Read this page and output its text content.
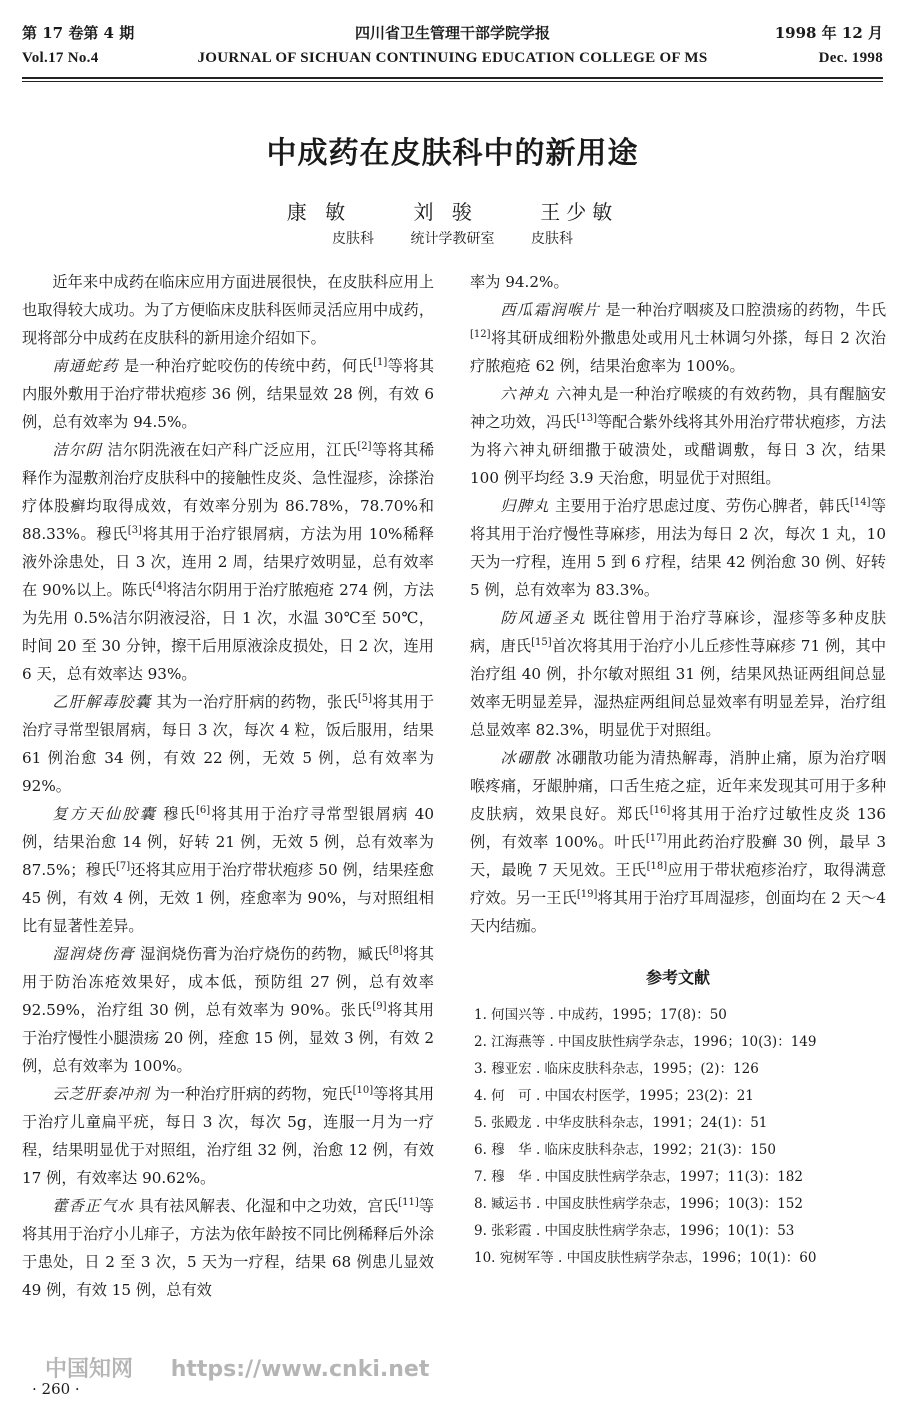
第 17 卷第 4 期	四川省卫生管理干部学院学报	1998 年 12 月
Vol.17 No.4	JOURNAL OF SICHUAN CONTINUING EDUCATION COLLEGE OF MS	Dec. 1998
中成药在皮肤科中的新用途
康 敏	刘 骏	王少敏
皮肤科	统计学教研室	皮肤科

近年来中成药在临床应用方面进展很快，在皮肤科应用上也取得较大成功。为了方便临床皮肤科医师灵活应用中成药，现将部分中成药在皮肤科的新用途介绍如下。

南通蛇药 是一种治疗蛇咬伤的传统中药，何氏[1]等将其内服外敷用于治疗带状疱疹 36 例，结果显效 28 例，有效 6 例，总有效率为 94.5%。

洁尔阴 洁尔阴洗液在妇产科广泛应用，江氏[2]等将其稀释作为湿敷剂治疗皮肤科中的接触性皮炎、急性湿疹，涂搽治疗体股癣均取得成效，有效率分别为 86.78%，78.70%和 88.33%。穆氏[3]将其用于治疗银屑病，方法为用 10%稀释液外涂患处，日 3 次，连用 2 周，结果疗效明显，总有效率在 90%以上。陈氏[4]将洁尔阴用于治疗脓疱疮 274 例，方法为先用 0.5%洁尔阴液浸浴，日 1 次，水温 30℃至 50℃，时间 20 至 30 分钟，擦干后用原液涂皮损处，日 2 次，连用 6 天，总有效率达 93%。

乙肝解毒胶囊 其为一治疗肝病的药物，张氏[5]将其用于治疗寻常型银屑病，每日 3 次，每次 4 粒，饭后服用，结果 61 例治愈 34 例，有效 22 例，无效 5 例，总有效率为 92%。

复方天仙胶囊 穆氏[6]将其用于治疗寻常型银屑病 40 例，结果治愈 14 例，好转 21 例，无效 5 例，总有效率为 87.5%；穆氏[7]还将其应用于治疗带状疱疹 50 例，结果痊愈 45 例，有效 4 例，无效 1 例，痊愈率为 90%，与对照组相比有显著性差异。

湿润烧伤膏 湿润烧伤膏为治疗烧伤的药物，臧氏[8]将其用于防治冻疮效果好，成本低，预防组 27 例，总有效率 92.59%，治疗组 30 例，总有效率为 90%。张氏[9]将其用于治疗慢性小腿溃疡 20 例，痊愈 15 例，显效 3 例，有效 2 例，总有效率为 100%。

云芝肝泰冲剂 为一种治疗肝病的药物，宛氏[10]等将其用于治疗儿童扁平疣，每日 3 次，每次 5g，连服一月为一疗程，结果明显优于对照组，治疗组 32 例，治愈 12 例，有效 17 例，有效率达 90.62%。

藿香正气水 具有祛风解表、化湿和中之功效，宫氏[11]等将其用于治疗小儿痱子，方法为依年龄按不同比例稀释后外涂于患处，日 2 至 3 次，5 天为一疗程，结果 68 例患儿显效 49 例，有效 15 例，总有效

率为 94.2%。

西瓜霜润喉片 是一种治疗咽痰及口腔溃疡的药物，牛氏[12]将其研成细粉外撒患处或用凡士林调匀外搽，每日 2 次治疗脓疱疮 62 例，结果治愈率为 100%。

六神丸 六神丸是一种治疗喉痰的有效药物，具有醒脑安神之功效，冯氏[13]等配合紫外线将其外用治疗带状疱疹，方法为将六神丸研细撒于破溃处，或醋调敷，每日 3 次，结果 100 例平均经 3.9 天治愈，明显优于对照组。

归脾丸 主要用于治疗思虑过度、劳伤心脾者，韩氏[14]等将其用于治疗慢性荨麻疹，用法为每日 2 次，每次 1 丸，10 天为一疗程，连用 5 到 6 疗程，结果 42 例治愈 30 例、好转 5 例，总有效率为 83.3%。

防风通圣丸 既往曾用于治疗荨麻诊，湿疹等多种皮肤病，唐氏[15]首次将其用于治疗小儿丘疹性荨麻疹 71 例，其中治疗组 40 例，扑尔敏对照组 31 例，结果风热证两组间总显效率无明显差异，湿热症两组间总显效率有明显差异，治疗组总显效率 82.3%，明显优于对照组。

冰硼散 冰硼散功能为清热解毒，消肿止痛，原为治疗咽喉疼痛，牙龈肿痛，口舌生疮之症，近年来发现其可用于多种皮肤病，效果良好。郑氏[16]将其用于治疗过敏性皮炎 136 例，有效率 100%。叶氏[17]用此药治疗股癣 30 例，最早 3 天，最晚 7 天见效。王氏[18]应用于带状疱疹治疗，取得满意疗效。另一王氏[19]将其用于治疗耳周湿疹，创面均在 2 天～4 天内结痂。

参考文献
1. 何国兴等 . 中成药，1995；17(8)：50
2. 江海燕等 . 中国皮肤性病学杂志，1996；10(3)：149
3. 穆亚宏 . 临床皮肤科杂志，1995；(2)：126
4. 何　可 . 中国农村医学，1995；23(2)：21
5. 张殿龙 . 中华皮肤科杂志，1991；24(1)：51
6. 穆　华 . 临床皮肤科杂志，1992；21(3)：150
7. 穆　华 . 中国皮肤性病学杂志，1997；11(3)：182
8. 臧运书 . 中国皮肤性病学杂志，1996；10(3)：152
9. 张彩霞 . 中国皮肤性病学杂志，1996；10(1)：53
10. 宛树军等 . 中国皮肤性病学杂志，1996；10(1)：60
中国知网 https://www.cnki.net
· 260 ·
